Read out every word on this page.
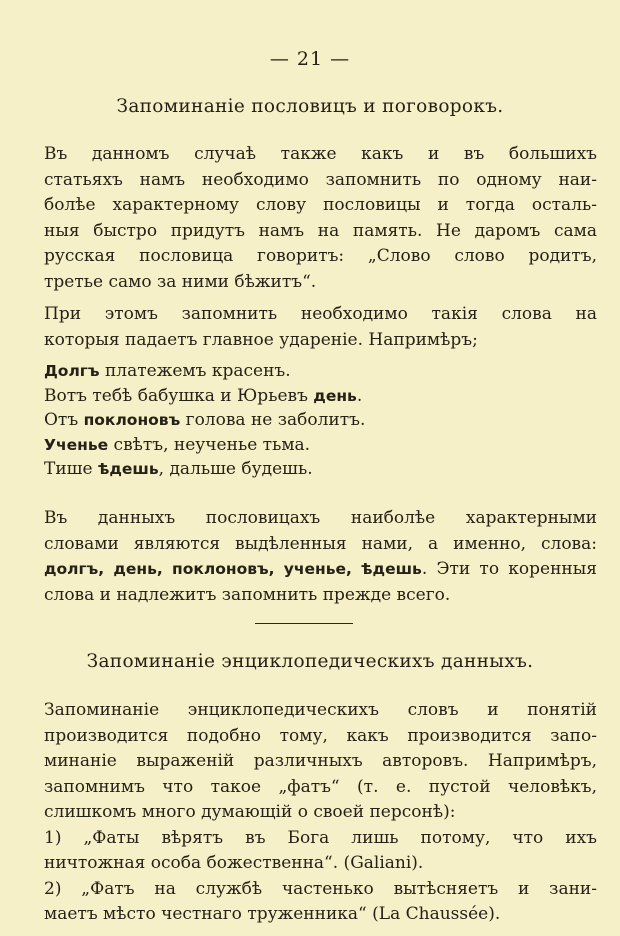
— 21 —
Запоминаніе пословицъ и поговорокъ.
Въ данномъ случаѣ также какъ и въ большихъ
статьяхъ намъ необходимо запомнить по одному наи-
болѣе характерному слову пословицы и тогда осталь-
ныя быстро придутъ намъ на память. Не даромъ сама
русская пословица говоритъ: „Слово слово родитъ,
третье само за ними бѣжитъ“.
При этомъ запомнить необходимо такія слова на
которыя падаетъ главное удареніе. Напримѣръ;
Долгъ платежемъ красенъ.
Вотъ тебѣ бабушка и Юрьевъ день.
Отъ поклоновъ голова не заболитъ.
Ученье свѣтъ, неученье тьма.
Тише ѣдешь, дальше будешь.
Въ данныхъ пословицахъ наиболѣе характерными
словами являются выдѣленныя нами, а именно, слова:
долгъ, день, поклоновъ, ученье, ѣдешь. Эти то коренныя
слова и надлежитъ запомнить прежде всего.
Запоминаніе энциклопедическихъ данныхъ.
Запоминаніе энциклопедическихъ словъ и понятій
производится подобно тому, какъ производится запо-
минаніе выраженій различныхъ авторовъ. Напримѣръ,
запомнимъ что такое „фатъ“ (т. е. пустой человѣкъ,
слишкомъ много думающій о своей персонѣ):
1) „Фаты вѣрятъ въ Бога лишь потому, что ихъ
ничтожная особа божественна“. (Galiani).
2) „Фатъ на службѣ частенько вытѣсняетъ и зани-
маетъ мѣсто честнаго труженника“ (La Chaussée).
